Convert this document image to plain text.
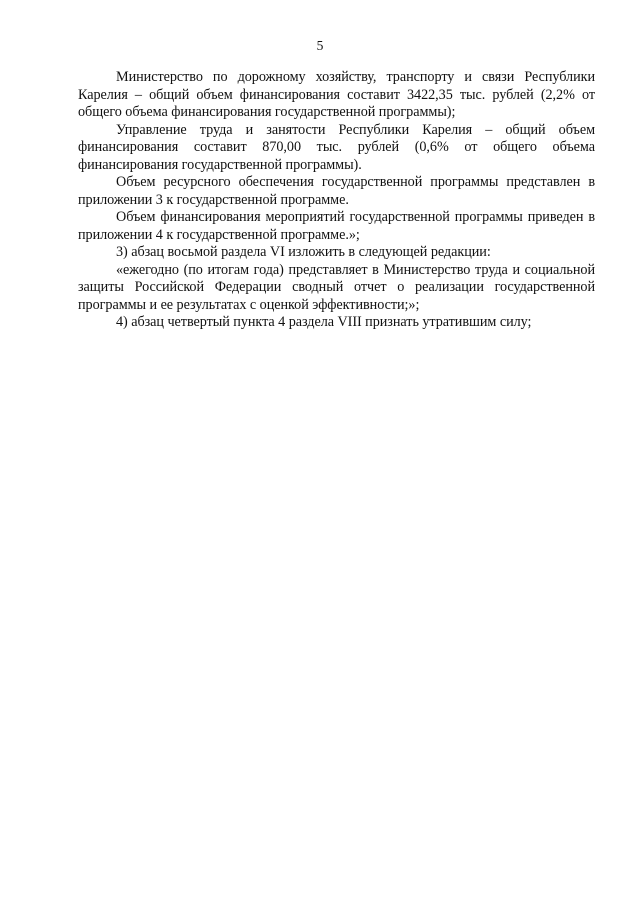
5

Министерство по дорожному хозяйству, транспорту и связи Республики Карелия – общий объем финансирования составит 3422,35 тыс. рублей (2,2% от общего объема финансирования государственной программы);

Управление труда и занятости Республики Карелия – общий объем финансирования составит 870,00 тыс. рублей (0,6% от общего объема финансирования государственной программы).

Объем ресурсного обеспечения государственной программы представлен в приложении 3 к государственной программе.

Объем финансирования мероприятий государственной программы приведен в приложении 4 к государственной программе.»;

3) абзац восьмой раздела VI изложить в следующей редакции:

«ежегодно (по итогам года) представляет в Министерство труда и социальной защиты Российской Федерации сводный отчет о реализации государственной программы и ее результатах с оценкой эффективности;»;

4) абзац четвертый пункта 4 раздела VIII признать утратившим силу;
